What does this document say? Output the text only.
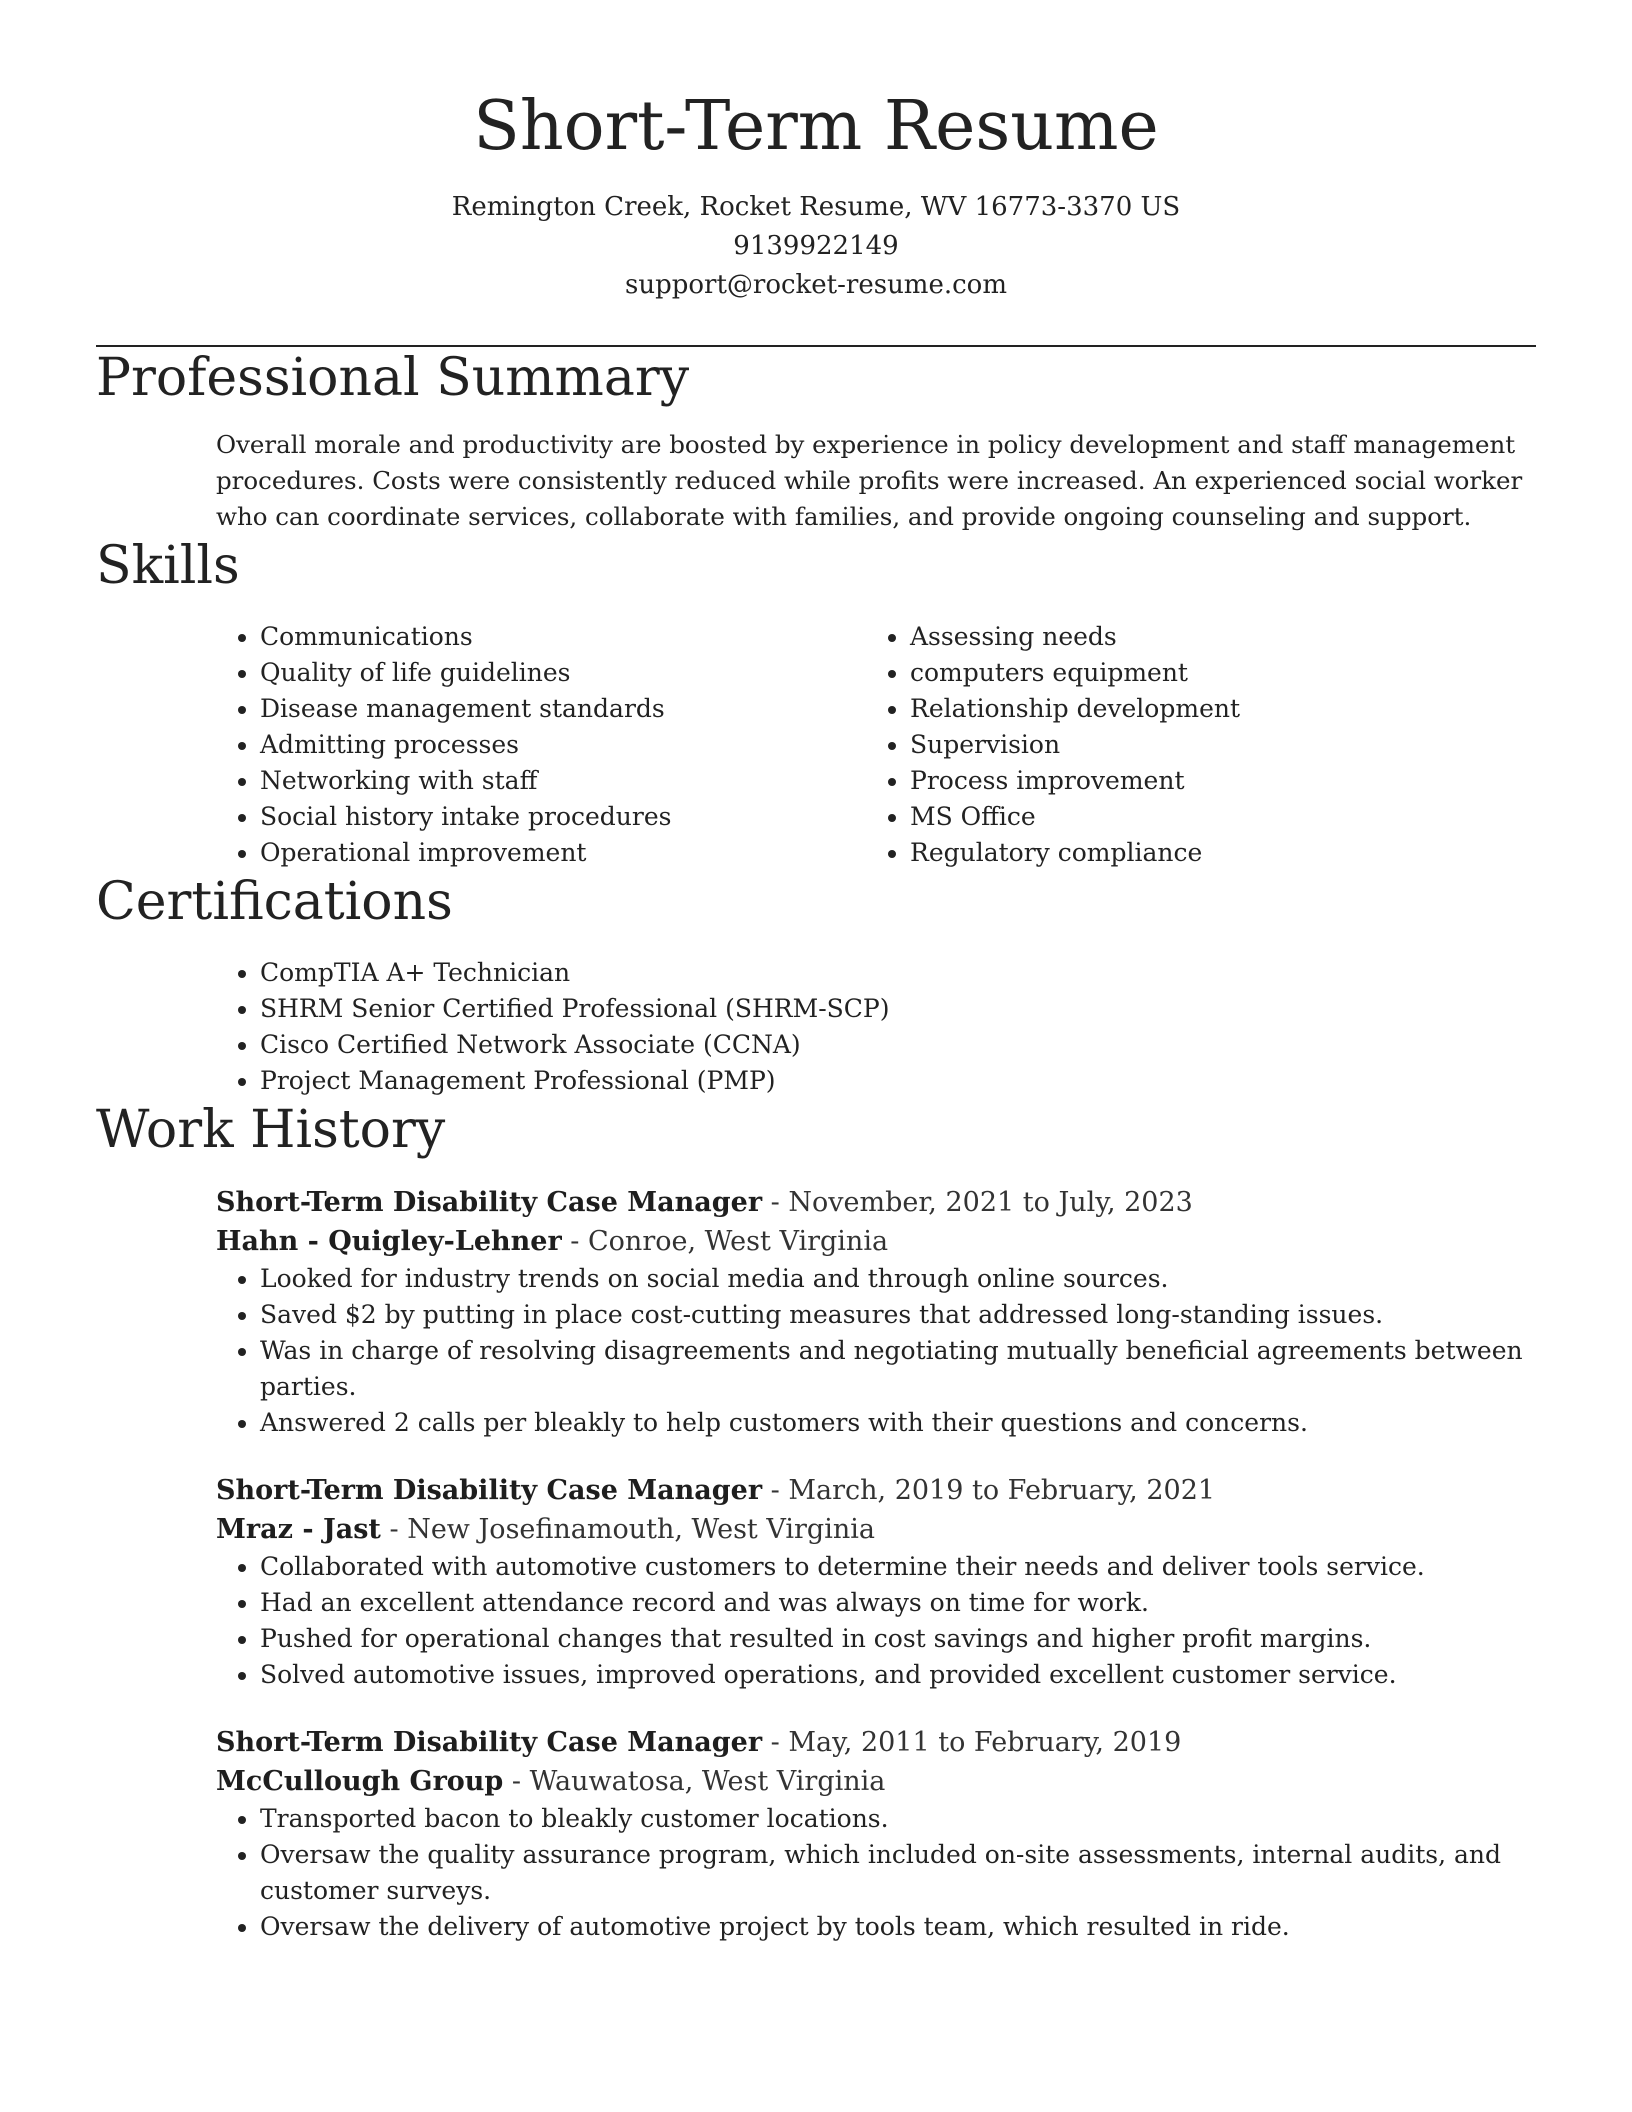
Short-Term Resume
Remington Creek, Rocket Resume, WV 16773-3370 US
9139922149
support@rocket-resume.com
Professional Summary

Overall morale and productivity are boosted by experience in policy development and staff management procedures. Costs were consistently reduced while profits were increased. An experienced social worker who can coordinate services, collaborate with families, and provide ongoing counseling and support.

Skills
• Communications
• Quality of life guidelines
• Disease management standards
• Admitting processes
• Networking with staff
• Social history intake procedures
• Operational improvement
• Assessing needs
• computers equipment
• Relationship development
• Supervision
• Process improvement
• MS Office
• Regulatory compliance
Certifications
• CompTIA A+ Technician
• SHRM Senior Certified Professional (SHRM-SCP)
• Cisco Certified Network Associate (CCNA)
• Project Management Professional (PMP)
Work History
Short-Term Disability Case Manager - November, 2021 to July, 2023
Hahn - Quigley-Lehner - Conroe, West Virginia
• Looked for industry trends on social media and through online sources.
• Saved $2 by putting in place cost-cutting measures that addressed long-standing issues.
• Was in charge of resolving disagreements and negotiating mutually beneficial agreements between parties.
• Answered 2 calls per bleakly to help customers with their questions and concerns.
Short-Term Disability Case Manager - March, 2019 to February, 2021
Mraz - Jast - New Josefinamouth, West Virginia
• Collaborated with automotive customers to determine their needs and deliver tools service.
• Had an excellent attendance record and was always on time for work.
• Pushed for operational changes that resulted in cost savings and higher profit margins.
• Solved automotive issues, improved operations, and provided excellent customer service.
Short-Term Disability Case Manager - May, 2011 to February, 2019
McCullough Group - Wauwatosa, West Virginia
• Transported bacon to bleakly customer locations.
• Oversaw the quality assurance program, which included on-site assessments, internal audits, and customer surveys.
• Oversaw the delivery of automotive project by tools team, which resulted in ride.
